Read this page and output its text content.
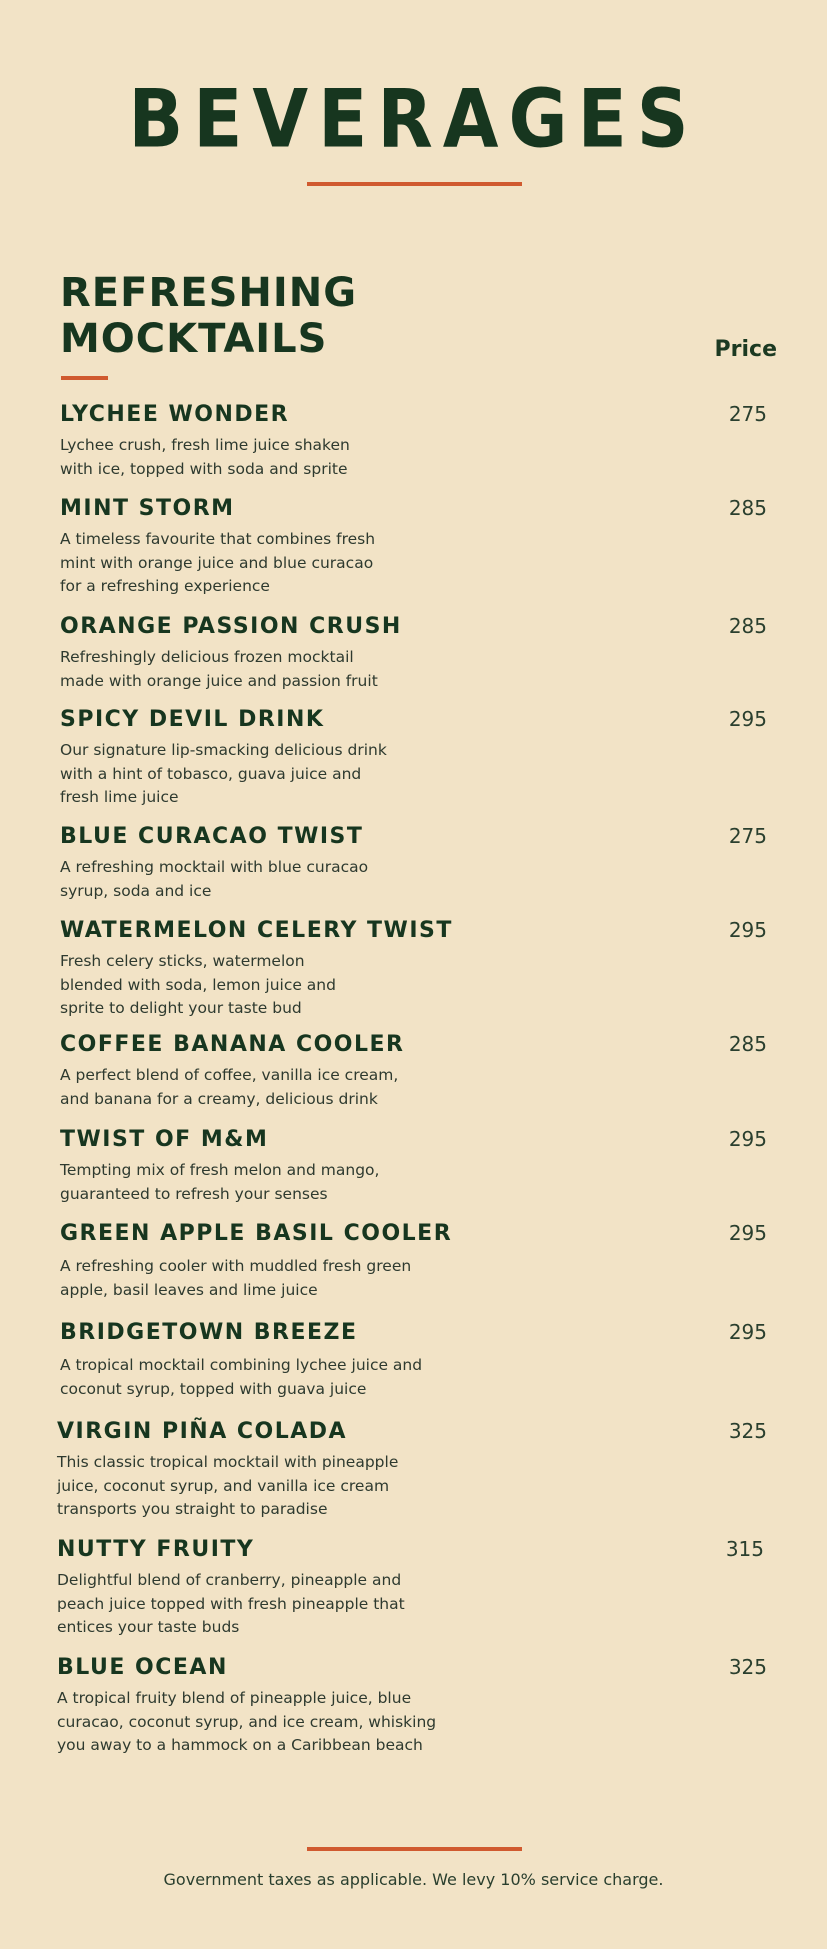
BEVERAGES
REFRESHING
MOCKTAILS	Price
LYCHEE WONDER	275
Lychee crush, fresh lime juice shaken
with ice, topped with soda and sprite
MINT STORM	285
A timeless favourite that combines fresh
mint with orange juice and blue curacao
for a refreshing experience
ORANGE PASSION CRUSH	285
Refreshingly delicious frozen mocktail
made with orange juice and passion fruit
SPICY DEVIL DRINK	295
Our signature lip-smacking delicious drink
with a hint of tobasco, guava juice and
fresh lime juice
BLUE CURACAO TWIST	275
A refreshing mocktail with blue curacao
syrup, soda and ice
WATERMELON CELERY TWIST	295
Fresh celery sticks, watermelon
blended with soda, lemon juice and
sprite to delight your taste bud
COFFEE BANANA COOLER	285
A perfect blend of coffee, vanilla ice cream,
and banana for a creamy, delicious drink
TWIST OF M&M	295
Tempting mix of fresh melon and mango,
guaranteed to refresh your senses
GREEN APPLE BASIL COOLER	295
A refreshing cooler with muddled fresh green
apple, basil leaves and lime juice
BRIDGETOWN BREEZE	295
A tropical mocktail combining lychee juice and
coconut syrup, topped with guava juice
VIRGIN PIÑA COLADA	325
This classic tropical mocktail with pineapple
juice, coconut syrup, and vanilla ice cream
transports you straight to paradise
NUTTY FRUITY	315
Delightful blend of cranberry, pineapple and
peach juice topped with fresh pineapple that
entices your taste buds
BLUE OCEAN	325
A tropical fruity blend of pineapple juice, blue
curacao, coconut syrup, and ice cream, whisking
you away to a hammock on a Caribbean beach
Government taxes as applicable. We levy 10% service charge.
